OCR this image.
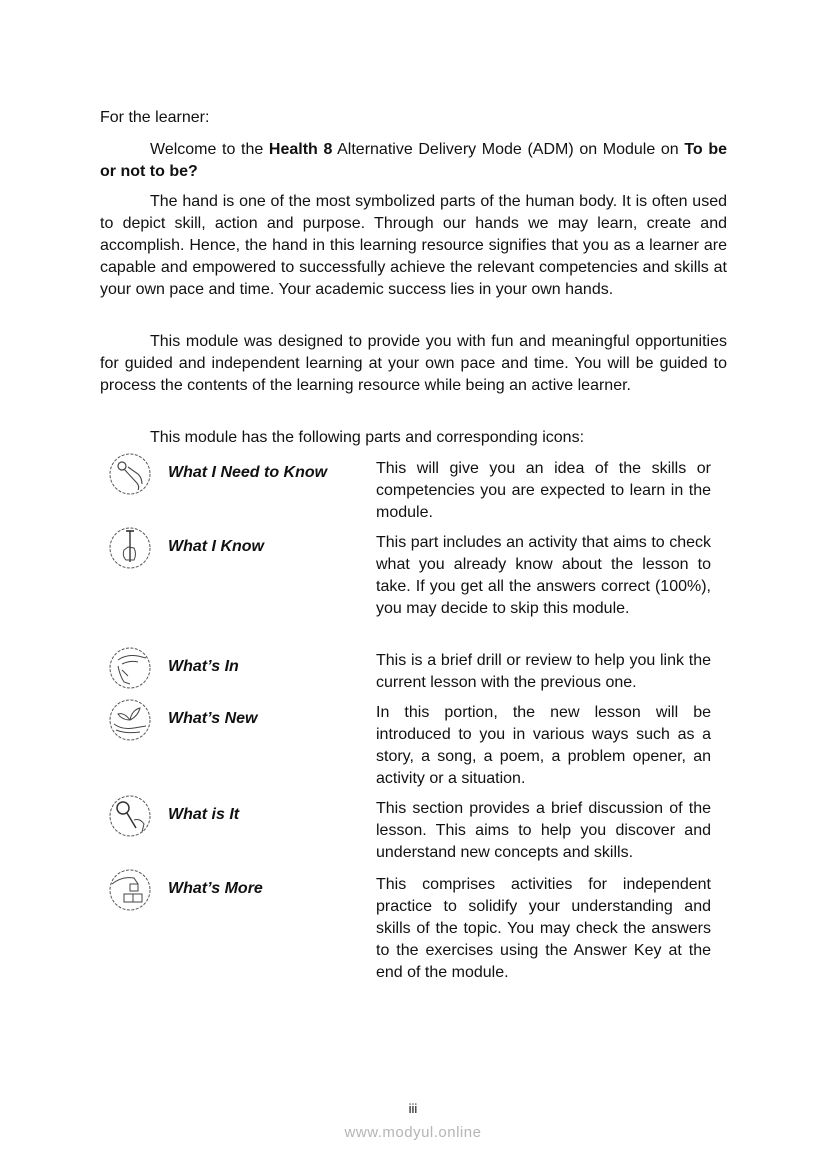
For the learner:

Welcome to the Health 8 Alternative Delivery Mode (ADM) on Module on To be or not to be?

The hand is one of the most symbolized parts of the human body. It is often used to depict skill, action and purpose. Through our hands we may learn, create and accomplish. Hence, the hand in this learning resource signifies that you as a learner are capable and empowered to successfully achieve the relevant competencies and skills at your own pace and time. Your academic success lies in your own hands.

This module was designed to provide you with fun and meaningful opportunities for guided and independent learning at your own pace and time. You will be guided to process the contents of the learning resource while being an active learner.

This module has the following parts and corresponding icons:

What I Need to Know	This will give you an idea of the skills or competencies you are expected to learn in the module.

What I Know	This part includes an activity that aims to check what you already know about the lesson to take. If you get all the answers correct (100%), you may decide to skip this module.

What’s In	This is a brief drill or review to help you link the current lesson with the previous one.

What’s New	In this portion, the new lesson will be introduced to you in various ways such as a story, a song, a poem, a problem opener, an activity or a situation.

What is It	This section provides a brief discussion of the lesson. This aims to help you discover and understand new concepts and skills.

What’s More	This comprises activities for independent practice to solidify your understanding and skills of the topic. You may check the answers to the exercises using the Answer Key at the end of the module.

iii
www.modyul.online
